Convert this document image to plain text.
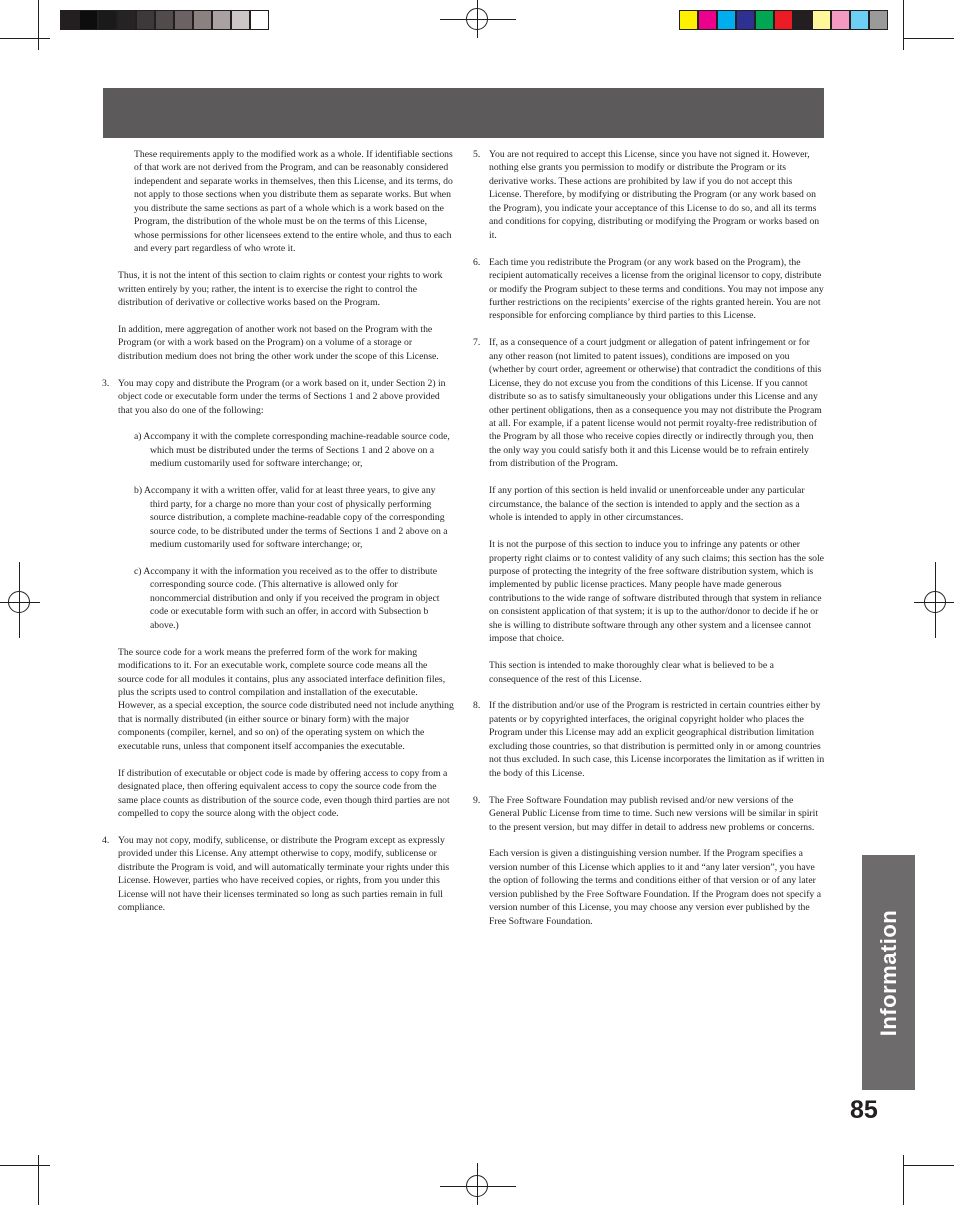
These requirements apply to the modified work as a whole. If identifiable sections of that work are not derived from the Program, and can be reasonably considered independent and separate works in themselves, then this License, and its terms, do not apply to those sections when you distribute them as separate works. But when you distribute the same sections as part of a whole which is a work based on the Program, the distribution of the whole must be on the terms of this License, whose permissions for other licensees extend to the entire whole, and thus to each and every part regardless of who wrote it.

Thus, it is not the intent of this section to claim rights or contest your rights to work written entirely by you; rather, the intent is to exercise the right to control the distribution of derivative or collective works based on the Program.

In addition, mere aggregation of another work not based on the Program with the Program (or with a work based on the Program) on a volume of a storage or distribution medium does not bring the other work under the scope of this License.

3. You may copy and distribute the Program (or a work based on it, under Section 2) in object code or executable form under the terms of Sections 1 and 2 above provided that you also do one of the following:

a) Accompany it with the complete corresponding machine-readable source code, which must be distributed under the terms of Sections 1 and 2 above on a medium customarily used for software interchange; or,

b) Accompany it with a written offer, valid for at least three years, to give any third party, for a charge no more than your cost of physically performing source distribution, a complete machine-readable copy of the corresponding source code, to be distributed under the terms of Sections 1 and 2 above on a medium customarily used for software interchange; or,

c) Accompany it with the information you received as to the offer to distribute corresponding source code. (This alternative is allowed only for noncommercial distribution and only if you received the program in object code or executable form with such an offer, in accord with Subsection b above.)

The source code for a work means the preferred form of the work for making modifications to it. For an executable work, complete source code means all the source code for all modules it contains, plus any associated interface definition files, plus the scripts used to control compilation and installation of the executable. However, as a special exception, the source code distributed need not include anything that is normally distributed (in either source or binary form) with the major components (compiler, kernel, and so on) of the operating system on which the executable runs, unless that component itself accompanies the executable.

If distribution of executable or object code is made by offering access to copy from a designated place, then offering equivalent access to copy the source code from the same place counts as distribution of the source code, even though third parties are not compelled to copy the source along with the object code.

4. You may not copy, modify, sublicense, or distribute the Program except as expressly provided under this License. Any attempt otherwise to copy, modify, sublicense or distribute the Program is void, and will automatically terminate your rights under this License. However, parties who have received copies, or rights, from you under this License will not have their licenses terminated so long as such parties remain in full compliance.

5. You are not required to accept this License, since you have not signed it. However, nothing else grants you permission to modify or distribute the Program or its derivative works. These actions are prohibited by law if you do not accept this License. Therefore, by modifying or distributing the Program (or any work based on the Program), you indicate your acceptance of this License to do so, and all its terms and conditions for copying, distributing or modifying the Program or works based on it.

6. Each time you redistribute the Program (or any work based on the Program), the recipient automatically receives a license from the original licensor to copy, distribute or modify the Program subject to these terms and conditions. You may not impose any further restrictions on the recipients’ exercise of the rights granted herein. You are not responsible for enforcing compliance by third parties to this License.

7. If, as a consequence of a court judgment or allegation of patent infringement or for any other reason (not limited to patent issues), conditions are imposed on you (whether by court order, agreement or otherwise) that contradict the conditions of this License, they do not excuse you from the conditions of this License. If you cannot distribute so as to satisfy simultaneously your obligations under this License and any other pertinent obligations, then as a consequence you may not distribute the Program at all. For example, if a patent license would not permit royalty-free redistribution of the Program by all those who receive copies directly or indirectly through you, then the only way you could satisfy both it and this License would be to refrain entirely from distribution of the Program.

If any portion of this section is held invalid or unenforceable under any particular circumstance, the balance of the section is intended to apply and the section as a whole is intended to apply in other circumstances.

It is not the purpose of this section to induce you to infringe any patents or other property right claims or to contest validity of any such claims; this section has the sole purpose of protecting the integrity of the free software distribution system, which is implemented by public license practices. Many people have made generous contributions to the wide range of software distributed through that system in reliance on consistent application of that system; it is up to the author/donor to decide if he or she is willing to distribute software through any other system and a licensee cannot impose that choice.

This section is intended to make thoroughly clear what is believed to be a consequence of the rest of this License.

8. If the distribution and/or use of the Program is restricted in certain countries either by patents or by copyrighted interfaces, the original copyright holder who places the Program under this License may add an explicit geographical distribution limitation excluding those countries, so that distribution is permitted only in or among countries not thus excluded. In such case, this License incorporates the limitation as if written in the body of this License.

9. The Free Software Foundation may publish revised and/or new versions of the General Public License from time to time. Such new versions will be similar in spirit to the present version, but may differ in detail to address new problems or concerns.

Each version is given a distinguishing version number. If the Program specifies a version number of this License which applies to it and “any later version”, you have the option of following the terms and conditions either of that version or of any later version published by the Free Software Foundation. If the Program does not specify a version number of this License, you may choose any version ever published by the Free Software Foundation.	Information
85
